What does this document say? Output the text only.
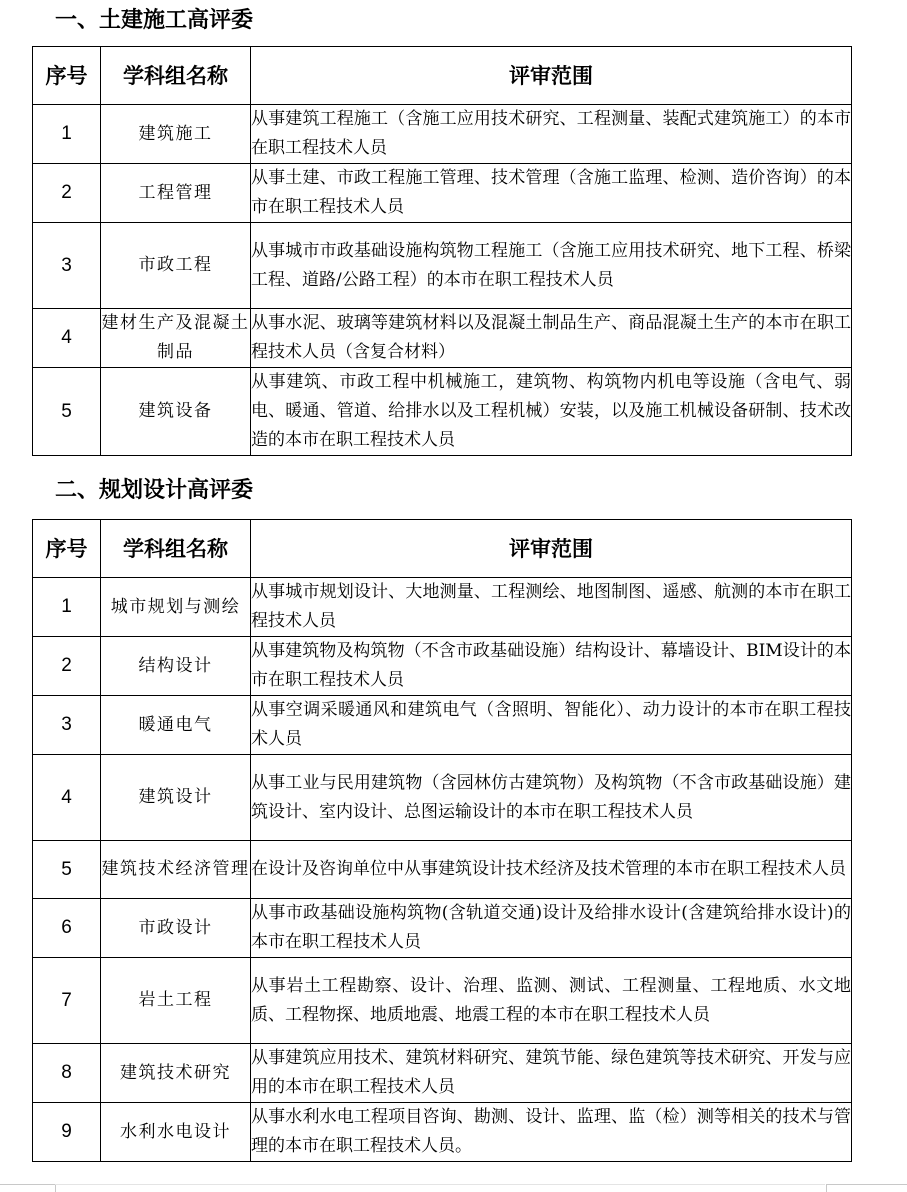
一、土建施工高评委
序号	学科组名称	评审范围
1	建筑施工	从事建筑工程施工（含施工应用技术研究、工程测量、装配式建筑施工）的本市在职工程技术人员
2	工程管理	从事土建、市政工程施工管理、技术管理（含施工监理、检测、造价咨询）的本市在职工程技术人员
3	市政工程	从事城市市政基础设施构筑物工程施工（含施工应用技术研究、地下工程、桥梁工程、道路/公路工程）的本市在职工程技术人员
4	建材生产及混凝土制品	从事水泥、玻璃等建筑材料以及混凝土制品生产、商品混凝土生产的本市在职工程技术人员（含复合材料）
5	建筑设备	从事建筑、市政工程中机械施工，建筑物、构筑物内机电等设施（含电气、弱电、暖通、管道、给排水以及工程机械）安装，以及施工机械设备研制、技术改造的本市在职工程技术人员
二、规划设计高评委
序号	学科组名称	评审范围
1	城市规划与测绘	从事城市规划设计、大地测量、工程测绘、地图制图、遥感、航测的本市在职工程技术人员
2	结构设计	从事建筑物及构筑物（不含市政基础设施）结构设计、幕墙设计、BIM设计的本市在职工程技术人员
3	暖通电气	从事空调采暖通风和建筑电气（含照明、智能化）、动力设计的本市在职工程技术人员
4	建筑设计	从事工业与民用建筑物（含园林仿古建筑物）及构筑物（不含市政基础设施）建筑设计、室内设计、总图运输设计的本市在职工程技术人员
5	建筑技术经济管理	在设计及咨询单位中从事建筑设计技术经济及技术管理的本市在职工程技术人员
6	市政设计	从事市政基础设施构筑物(含轨道交通)设计及给排水设计(含建筑给排水设计)的本市在职工程技术人员
7	岩土工程	从事岩土工程勘察、设计、治理、监测、测试、工程测量、工程地质、水文地质、工程物探、地质地震、地震工程的本市在职工程技术人员
8	建筑技术研究	从事建筑应用技术、建筑材料研究、建筑节能、绿色建筑等技术研究、开发与应用的本市在职工程技术人员
9	水利水电设计	从事水利水电工程项目咨询、勘测、设计、监理、监（检）测等相关的技术与管理的本市在职工程技术人员。
